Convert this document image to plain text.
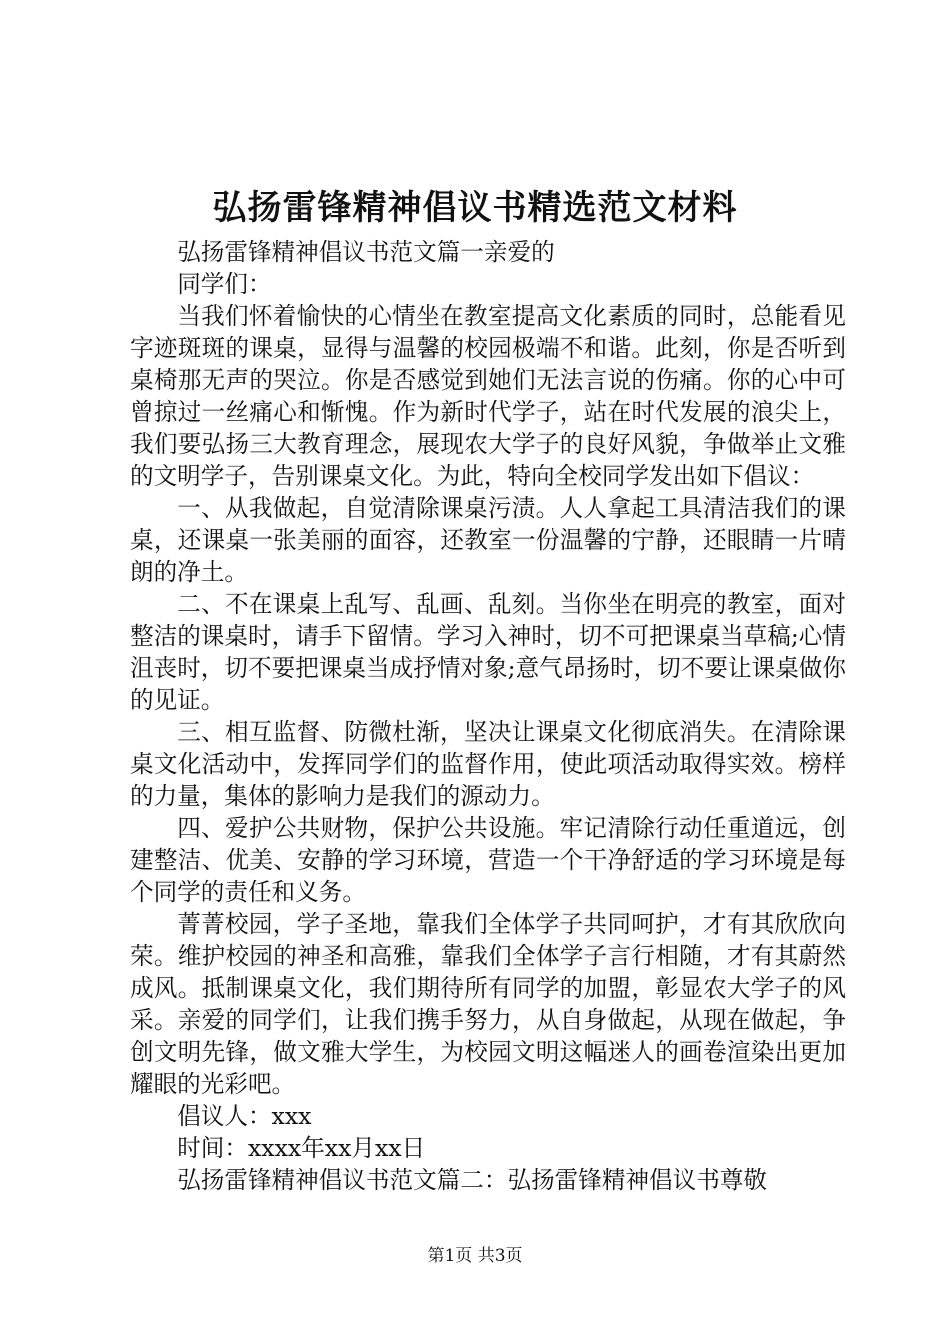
弘扬雷锋精神倡议书精选范文材料

弘扬雷锋精神倡议书范文篇一亲爱的

同学们：

当我们怀着愉快的心情坐在教室提高文化素质的同时，总能看见字迹斑斑的课桌，显得与温馨的校园极端不和谐。此刻，你是否听到桌椅那无声的哭泣。你是否感觉到她们无法言说的伤痛。你的心中可曾掠过一丝痛心和惭愧。作为新时代学子，站在时代发展的浪尖上，我们要弘扬三大教育理念，展现农大学子的良好风貌，争做举止文雅的文明学子，告别课桌文化。为此，特向全校同学发出如下倡议：

一、从我做起，自觉清除课桌污渍。人人拿起工具清洁我们的课桌，还课桌一张美丽的面容，还教室一份温馨的宁静，还眼睛一片晴朗的净土。

二、不在课桌上乱写、乱画、乱刻。当你坐在明亮的教室，面对整洁的课桌时，请手下留情。学习入神时，切不可把课桌当草稿;心情沮丧时，切不要把课桌当成抒情对象;意气昂扬时，切不要让课桌做你的见证。

三、相互监督、防微杜渐，坚决让课桌文化彻底消失。在清除课桌文化活动中，发挥同学们的监督作用，使此项活动取得实效。榜样的力量，集体的影响力是我们的源动力。

四、爱护公共财物，保护公共设施。牢记清除行动任重道远，创建整洁、优美、安静的学习环境，营造一个干净舒适的学习环境是每个同学的责任和义务。

菁菁校园，学子圣地，靠我们全体学子共同呵护，才有其欣欣向荣。维护校园的神圣和高雅，靠我们全体学子言行相随，才有其蔚然成风。抵制课桌文化，我们期待所有同学的加盟，彰显农大学子的风采。亲爱的同学们，让我们携手努力，从自身做起，从现在做起，争创文明先锋，做文雅大学生，为校园文明这幅迷人的画卷渲染出更加耀眼的光彩吧。

倡议人：xxx

时间：xxxx年xx月xx日

弘扬雷锋精神倡议书范文篇二：弘扬雷锋精神倡议书尊敬

第1页 共3页
